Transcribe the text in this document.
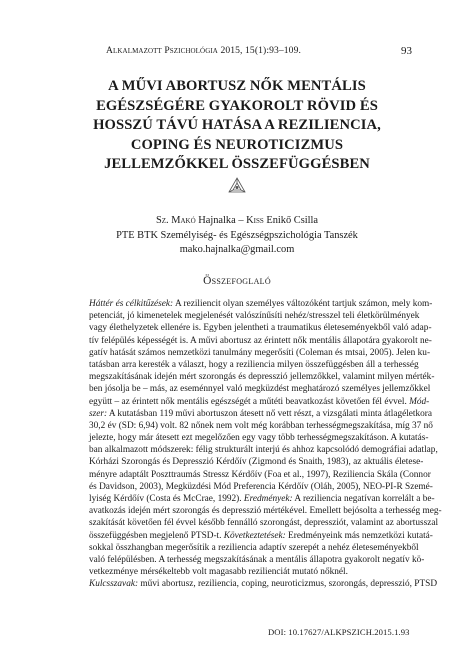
Alkalmazott Pszichológia 2015, 15(1):93–109.	93
A MŰVI ABORTUSZ NŐK MENTÁLIS
EGÉSZSÉGÉRE GYAKOROLT RÖVID ÉS
HOSSZÚ TÁVÚ HATÁSA A REZILIENCIA,
COPING ÉS NEUROTICIZMUS
JELLEMZŐKKEL ÖSSZEFÜGGÉSBEN
Sz. Makó Hajnalka – Kiss Enikő Csilla
PTE BTK Személyiség- és Egészségpszichológia Tanszék
mako.hajnalka@gmail.com
Összefoglaló
Háttér és célkitűzések: A reziliencit olyan személyes változóként tartjuk számon, mely kom-
petenciát, jó kimenetelek megjelenését valószínűsíti nehéz/stresszel teli életkörülmények
vagy élethelyzetek ellenére is. Egyben jelentheti a traumatikus életeseményekből való adap-
tív felépülés képességét is. A művi abortusz az érintett nők mentális állapotára gyakorolt ne-
gatív hatását számos nemzetközi tanulmány megerősíti (Coleman és mtsai, 2005). Jelen ku-
tatásban arra keresték a választ, hogy a reziliencia milyen összefüggésben áll a terhesség
megszakításának idején mért szorongás és depresszió jellemzőkkel, valamint milyen mérték-
ben jósolja be – más, az eseménnyel való megküzdést meghatározó személyes jellemzőkkel
együtt – az érintett nők mentális egészségét a műtéti beavatkozást követően fél évvel. Mód-
szer: A kutatásban 119 művi abortuszon átesett nő vett részt, a vizsgálati minta átlagéletkora
30,2 év (SD: 6,94) volt. 82 nőnek nem volt még korábban terhességmegszakítása, míg 37 nő
jelezte, hogy már átesett ezt megelőzően egy vagy több terhességmegszakításon. A kutatás-
ban alkalmazott módszerek: félig strukturált interjú és ahhoz kapcsolódó demográfiai adatlap,
Kórházi Szorongás és Depresszió Kérdőív (Zigmond és Snaith, 1983), az aktuális életese-
ményre adaptált Poszttraumás Stressz Kérdőív (Foa et al., 1997), Reziliencia Skála (Connor
és Davidson, 2003), Megküzdési Mód Preferencia Kérdőív (Oláh, 2005), NEO-PI-R Szemé-
lyiség Kérdőív (Costa és McCrae, 1992). Eredmények: A reziliencia negatívan korrelált a be-
avatkozás idején mért szorongás és depresszió mértékével. Emellett bejósolta a terhesség meg-
szakítását követően fél évvel később fennálló szorongást, depressziót, valamint az abortusszal
összefüggésben megjelenő PTSD-t. Következtetések: Eredményeink más nemzetközi kutatá-
sokkal összhangban megerősítik a reziliencia adaptív szerepét a nehéz életeseményekből
való felépülésben. A terhesség megszakításának a mentális állapotra gyakorolt negatív kö-
vetkezménye mérsékeltebb volt magasabb rezilienciát mutató nőknél.
Kulcsszavak: művi abortusz, reziliencia, coping, neuroticizmus, szorongás, depresszió, PTSD
DOI: 10.17627/ALKPSZICH.2015.1.93
